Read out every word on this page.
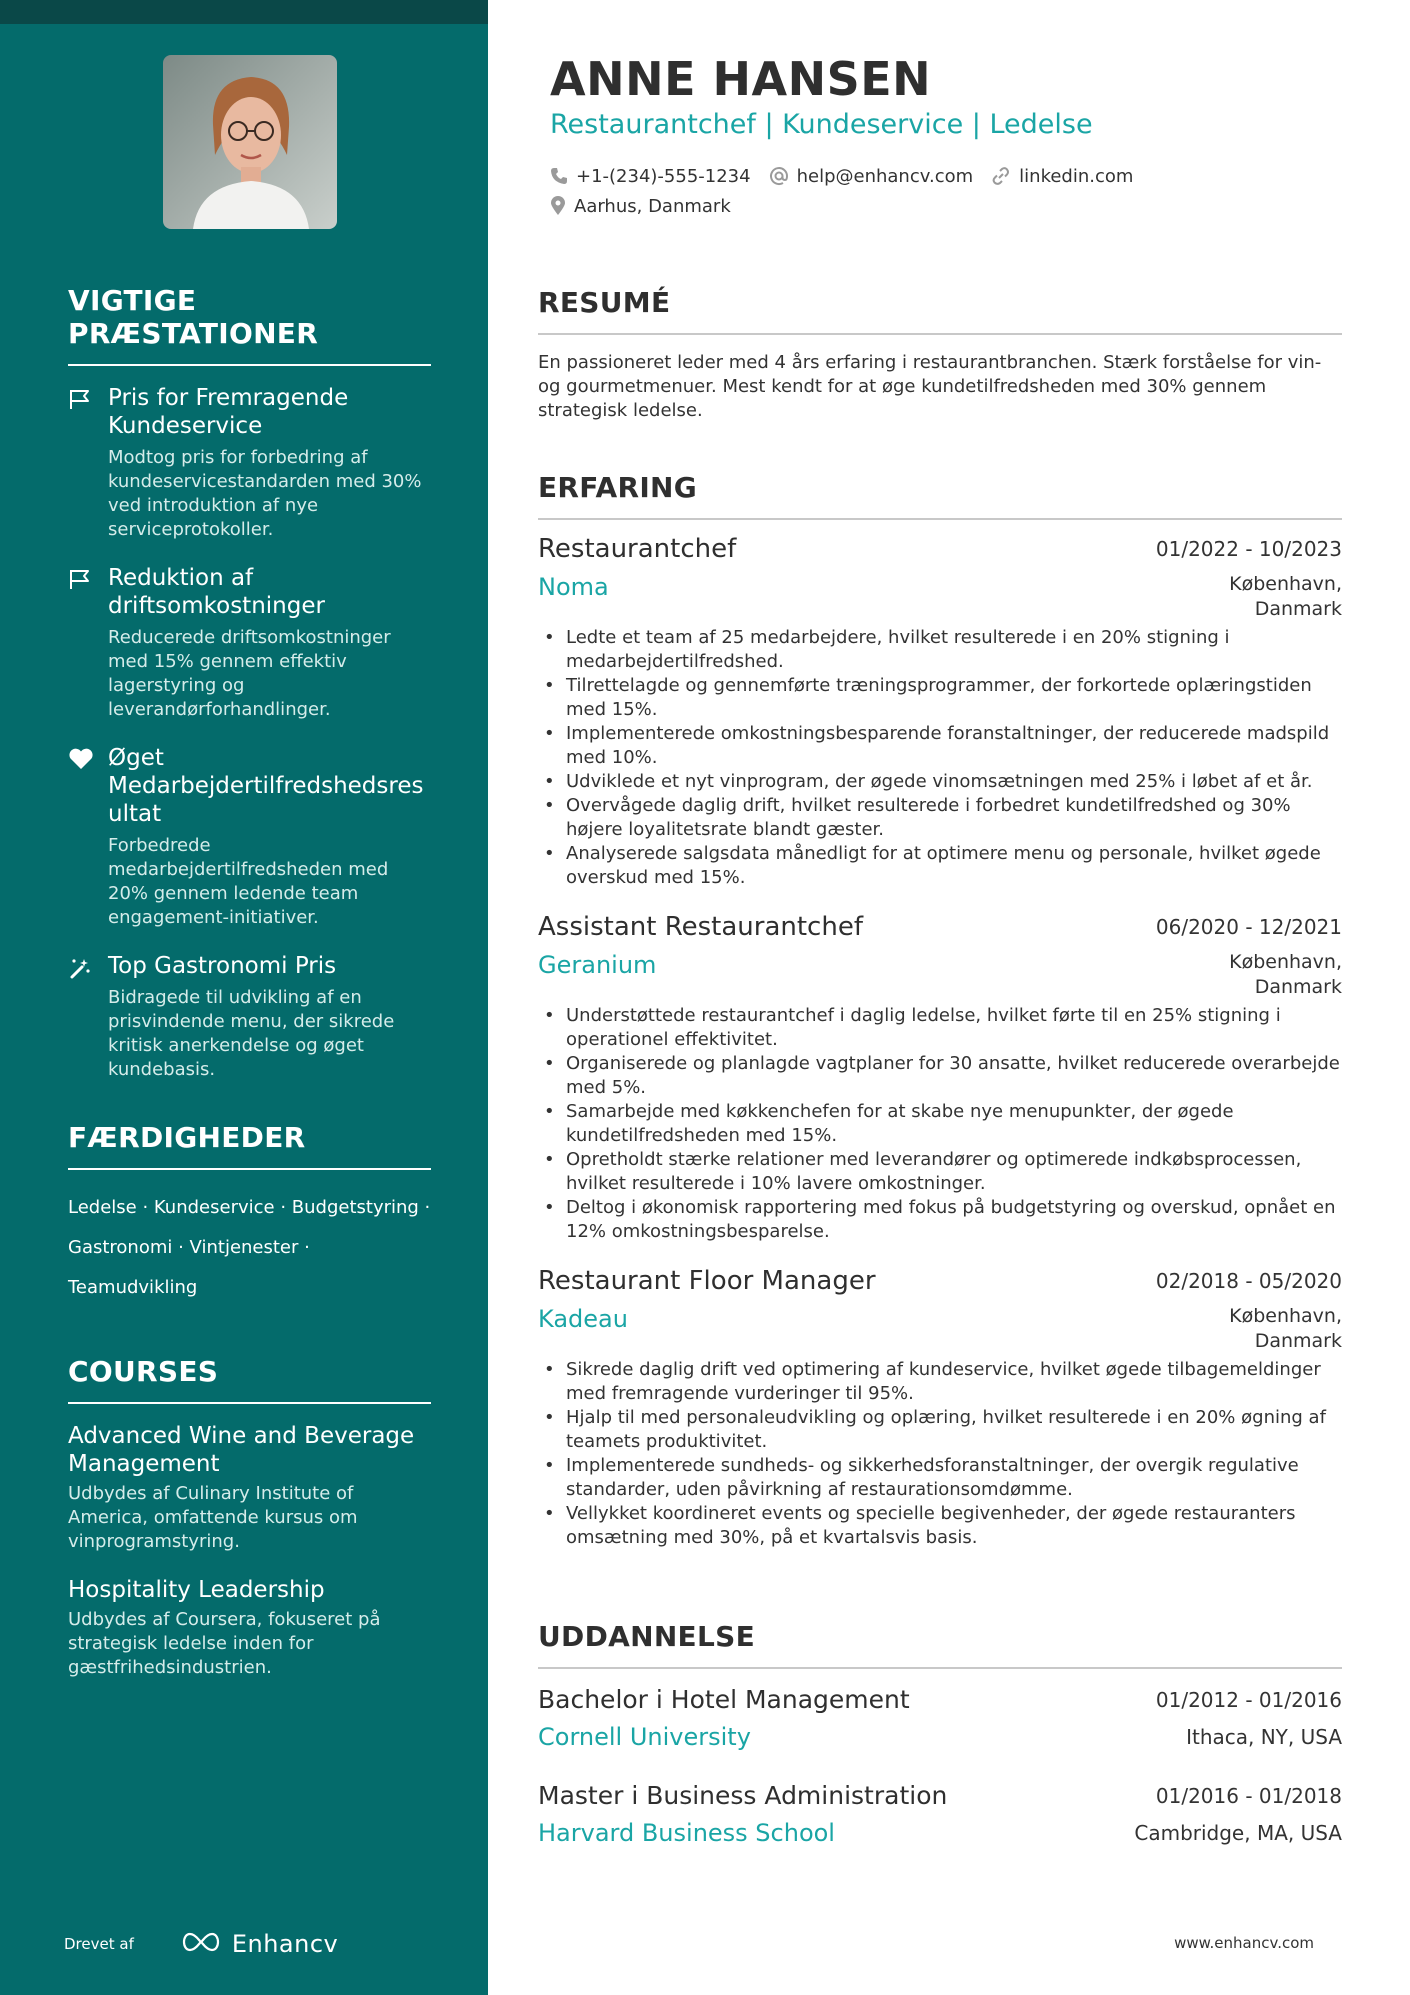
VIGTIGE PRÆSTATIONER
Pris for Fremragende Kundeservice
Modtog pris for forbedring af kundeservicestandarden med 30% ved introduktion af nye serviceprotokoller.
Reduktion af driftsomkostninger
Reducerede driftsomkostninger med 15% gennem effektiv lagerstyring og leverandørforhandlinger.
Øget Medarbejdertilfredshedsresultat
Forbedrede medarbejdertilfredsheden med 20% gennem ledende team engagement-initiativer.
Top Gastronomi Pris
Bidragede til udvikling af en prisvindende menu, der sikrede kritisk anerkendelse og øget kundebasis.
FÆRDIGHEDER
Ledelse · Kundeservice · Budgetstyring ·
Gastronomi · Vintjenester ·
Teamudvikling
COURSES
Advanced Wine and Beverage Management
Udbydes af Culinary Institute of America, omfattende kursus om vinprogramstyring.
Hospitality Leadership
Udbydes af Coursera, fokuseret på strategisk ledelse inden for gæstfrihedsindustrien.
Drevet af	Enhancv
ANNE HANSEN
Restaurantchef | Kundeservice | Ledelse
+1-(234)-555-1234	help@enhancv.com	linkedin.com
Aarhus, Danmark
RESUMÉ

En passioneret leder med 4 års erfaring i restaurantbranchen. Stærk forståelse for vin- og gourmetmenuer. Mest kendt for at øge kundetilfredsheden med 30% gennem strategisk ledelse.

ERFARING
Restaurantchef	01/2022 - 10/2023
Noma	København, Danmark
• Ledte et team af 25 medarbejdere, hvilket resulterede i en 20% stigning i medarbejdertilfredshed.
• Tilrettelagde og gennemførte træningsprogrammer, der forkortede oplæringstiden med 15%.
• Implementerede omkostningsbesparende foranstaltninger, der reducerede madspild med 10%.
• Udviklede et nyt vinprogram, der øgede vinomsætningen med 25% i løbet af et år.
• Overvågede daglig drift, hvilket resulterede i forbedret kundetilfredshed og 30% højere loyalitetsrate blandt gæster.
• Analyserede salgsdata månedligt for at optimere menu og personale, hvilket øgede overskud med 15%.
Assistant Restaurantchef	06/2020 - 12/2021
Geranium	København, Danmark
• Understøttede restaurantchef i daglig ledelse, hvilket førte til en 25% stigning i operationel effektivitet.
• Organiserede og planlagde vagtplaner for 30 ansatte, hvilket reducerede overarbejde med 5%.
• Samarbejde med køkkenchefen for at skabe nye menupunkter, der øgede kundetilfredsheden med 15%.
• Opretholdt stærke relationer med leverandører og optimerede indkøbsprocessen, hvilket resulterede i 10% lavere omkostninger.
• Deltog i økonomisk rapportering med fokus på budgetstyring og overskud, opnået en 12% omkostningsbesparelse.
Restaurant Floor Manager	02/2018 - 05/2020
Kadeau	København, Danmark
• Sikrede daglig drift ved optimering af kundeservice, hvilket øgede tilbagemeldinger med fremragende vurderinger til 95%.
• Hjalp til med personaleudvikling og oplæring, hvilket resulterede i en 20% øgning af teamets produktivitet.
• Implementerede sundheds- og sikkerhedsforanstaltninger, der overgik regulative standarder, uden påvirkning af restaurationsomdømme.
• Vellykket koordineret events og specielle begivenheder, der øgede restauranters omsætning med 30%, på et kvartalsvis basis.
UDDANNELSE
Bachelor i Hotel Management	01/2012 - 01/2016
Cornell University	Ithaca, NY, USA
Master i Business Administration	01/2016 - 01/2018
Harvard Business School	Cambridge, MA, USA
www.enhancv.com
